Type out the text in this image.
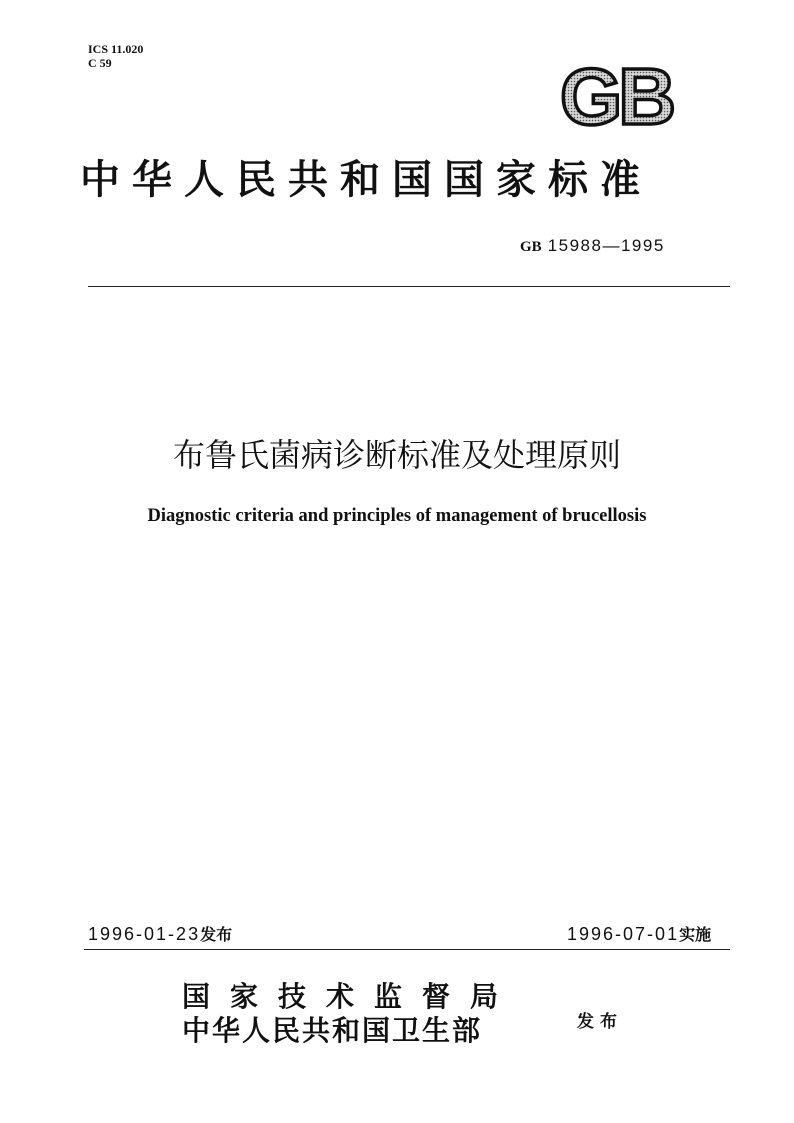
ICS 11.020
C 59	GB
中华人民共和国国家标准
GB 15988—1995
布鲁氏菌病诊断标准及处理原则
Diagnostic criteria and principles of management of brucellosis
1996-01-23发布	1996-07-01实施
国家技术监督局
中华人民共和国卫生部	发布
